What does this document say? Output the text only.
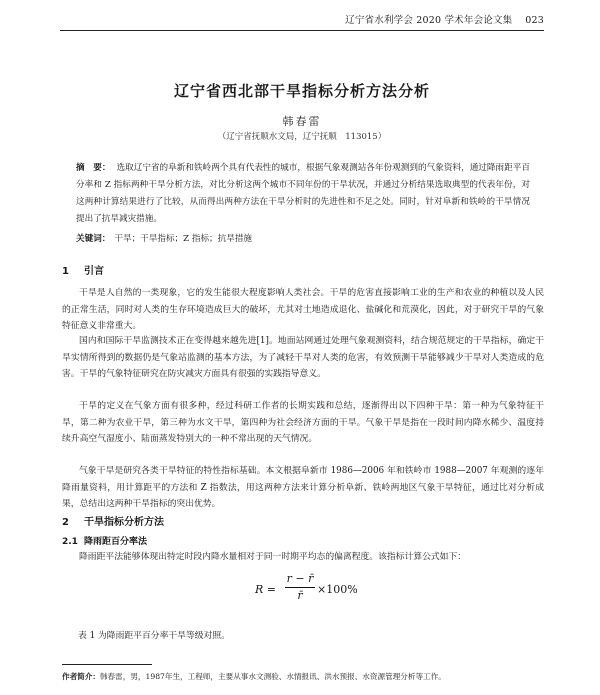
辽宁省水利学会 2020 学术年会论文集 023
辽宁省西北部干旱指标分析方法分析
韩春雷
（辽宁省抚顺水文局，辽宁抚顺　113015）
摘　要： 选取辽宁省的阜新和铁岭两个具有代表性的城市，根据气象观测站各年份观测到的气象资料，通过降雨距平百分率和 Z 指标两种干旱分析方法，对比分析这两个城市不同年份的干旱状况，并通过分析结果选取典型的代表年份，对这两种计算结果进行了比较，从而得出两种方法在干旱分析时的先进性和不足之处。同时，针对阜新和铁岭的干旱情况提出了抗旱减灾措施。
关键词： 干旱；干旱指标；Z 指标；抗旱措施
1 引言
干旱是人自然的一类现象，它的发生能很大程度影响人类社会。干旱的危害直接影响工业的生产和农业的种植以及人民的正常生活，同时对人类的生存环境造成巨大的破坏，尤其对土地造成退化、盐碱化和荒漠化，因此，对于研究干旱的气象特征意义非常重大。
国内和国际干旱监测技术正在变得越来越先进[1]。地面站网通过处理气象观测资料，结合规范规定的干旱指标，确定干旱实情所得到的数据仍是气象站监测的基本方法，为了减轻干旱对人类的危害，有效预测干旱能够减少干旱对人类造成的危害。干旱的气象特征研究在防灾减灾方面具有很强的实践指导意义。
干旱的定义在气象方面有很多种，经过科研工作者的长期实践和总结，逐渐得出以下四种干旱：第一种为气象特征干旱，第二种为农业干旱，第三种为水文干旱，第四种为社会经济方面的干旱。气象干旱是指在一段时间内降水稀少、温度持续升高空气湿度小、陆面蒸发特别大的一种不常出现的天气情况。
气象干旱是研究各类干旱特征的特性指标基础。本文根据阜新市 1986—2006 年和铁岭市 1988—2007 年观测的逐年降雨量资料，用计算距平的方法和 Z 指数法，用这两种方法来计算分析阜新、铁岭两地区气象干旱特征，通过比对分析成果，总结出这两种干旱指标的突出优势。
2 干旱指标分析方法
2.1 降雨距百分率法
降雨距平法能够体现出特定时段内降水量相对于同一时期平均态的偏离程度。该指标计算公式如下：
R =
r − r̄
r̄	×100%
表 1 为降雨距平百分率干旱等级对照。
作者简介：韩春雷，男，1987年生，工程师，主要从事水文测验、水情报讯、洪水预报、水资源管理分析等工作。
